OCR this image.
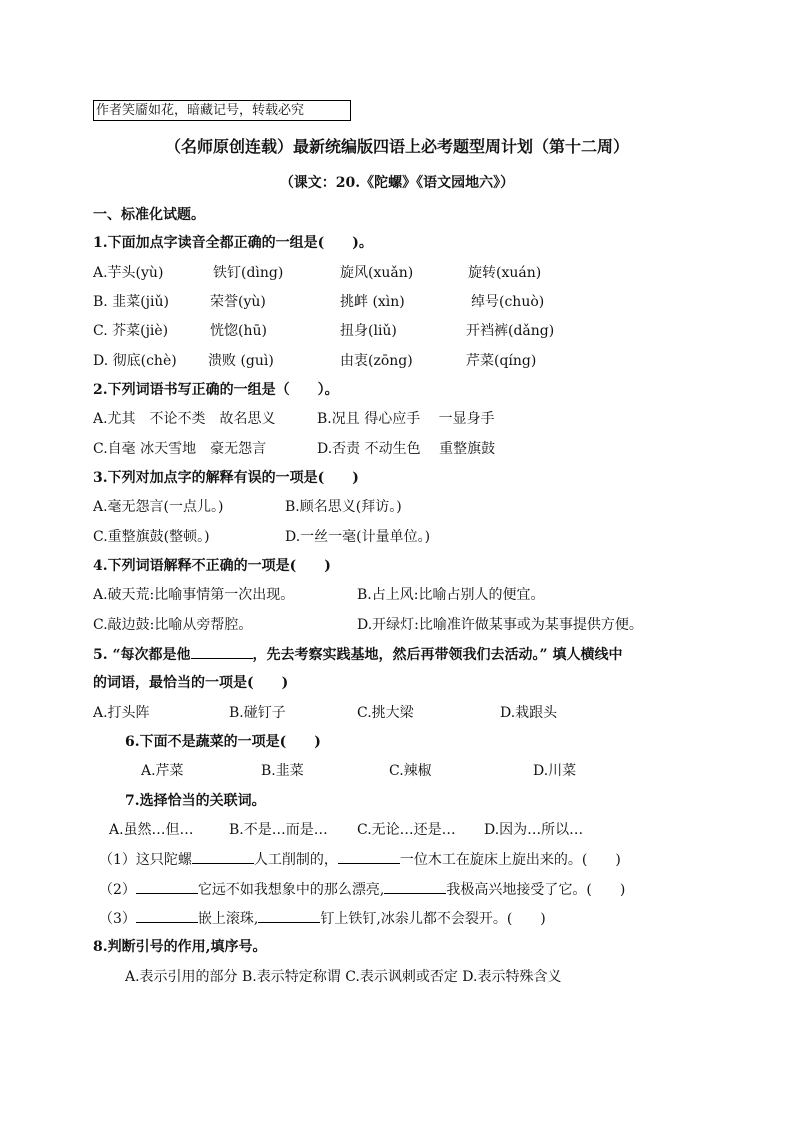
作者笑靥如花，暗藏记号，转载必究
（名师原创连载）最新统编版四语上必考题型周计划（第十二周）
（课文：20.《陀螺》《语文园地六》）
一、标准化试题。
1.下面加点字读音全都正确的一组是(　　)。
A.芋头(yù)	铁钉(dìng)	旋风(xuǎn)	旋转(xuán)
B. 韭菜(jiǔ)	荣誉(yù)	挑衅 (xìn)	绰号(chuò)
C. 芥菜(jiè)	恍惚(hū)	扭身(liǔ)	开裆裤(dǎng)
D. 彻底(chè) 溃败 (guì)	由衷(zōng)	芹菜(qíng)
2.下列词语书写正确的一组是（　　）。
A.尤其　不论不类　故名思义	B.况且 得心应手　 一显身手
C.自毫 冰天雪地　豪无怨言	D.否责 不动生色　 重整旗鼓
3.下列对加点字的解释有误的一项是(　　)
A.毫无怨言(一点儿。)	B.顾名思义(拜访。)
C.重整旗鼓(整顿。)	D.一丝一毫(计量单位。)
4.下列词语解释不正确的一项是(　　)
A.破天荒:比喻事情第一次出现。	B.占上风:比喻占别人的便宜。
C.敲边鼓:比喻从旁帮腔。	D.开绿灯:比喻准许做某事或为某事提供方便。
5. “每次都是他	，先去考察实践基地，然后再带领我们去活动。” 填人横线中
的词语，最恰当的一项是(　　)
A.打头阵	B.碰钉子	C.挑大梁	D.栽跟头
6.下面不是蔬菜的一项是(　　)
A.芹菜	B.韭菜	C.辣椒	D.川菜
7.选择恰当的关联词。
A.虽然…但…	B.不是…而是… C.无论…还是… D.因为…所以…
（1）这只陀螺	人工削制的，	一位木工在旋床上旋出来的。(　　)
（2）	它远不如我想象中的那么漂亮,	我极高兴地接受了它。(　　)
（3）	嵌上滚珠,	钉上铁钉,冰尜儿都不会裂开。(　　)
8.判断引号的作用,填序号。
A.表示引用的部分 B.表示特定称谓 C.表示讽刺或否定 D.表示特殊含义
